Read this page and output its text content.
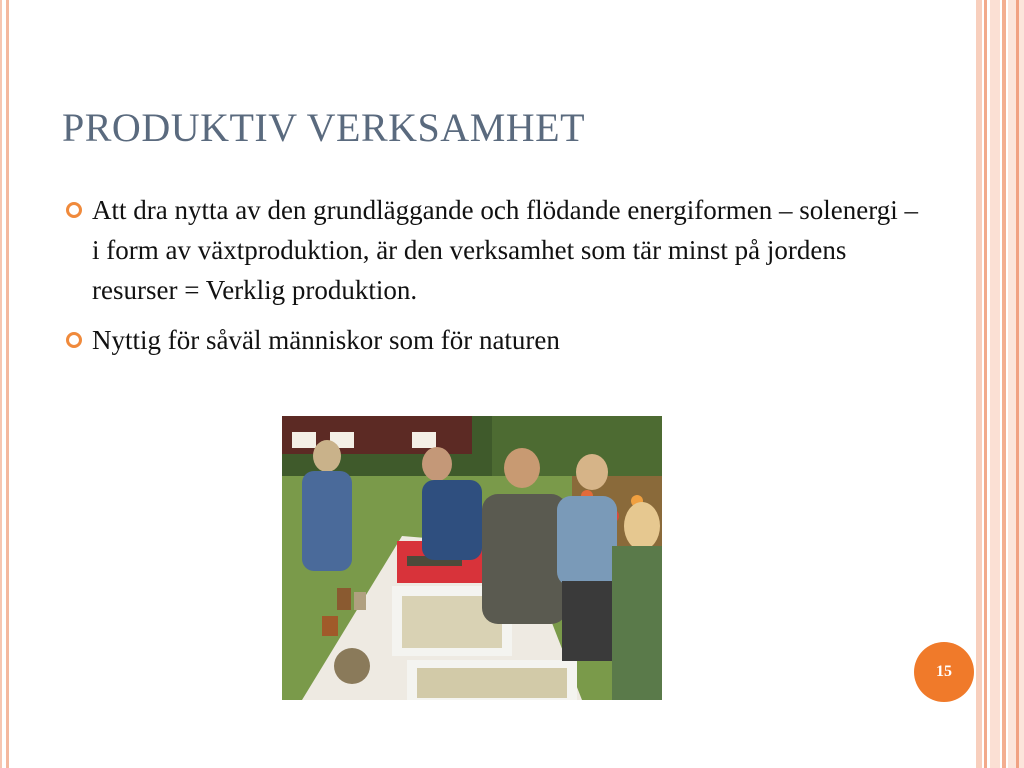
PRODUKTIV VERKSAMHET
Att dra nytta av den grundläggande och flödande energiformen – solenergi – i form av växtproduktion, är den verksamhet som tär minst på jordens resurser = Verklig produktion.
Nyttig för såväl människor som för naturen
15
